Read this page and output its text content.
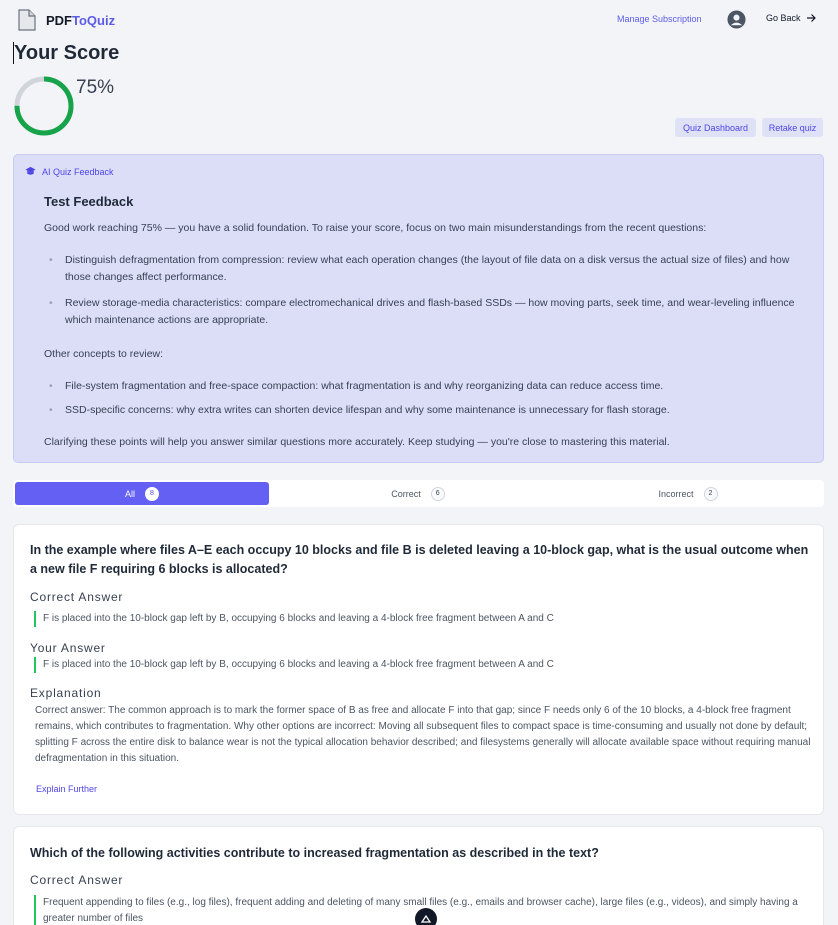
PDFToQuiz	Manage Subscription	Go Back
Your Score
75%
Quiz Dashboard	Retake quiz
AI Quiz Feedback
Test Feedback
Good work reaching 75% — you have a solid foundation. To raise your score, focus on two main misunderstandings from the recent questions:
•	Distinguish defragmentation from compression: review what each operation changes (the layout of file data on a disk versus the actual size of files) and how those changes affect performance.
•	Review storage-media characteristics: compare electromechanical drives and flash-based SSDs — how moving parts, seek time, and wear-leveling influence which maintenance actions are appropriate.
Other concepts to review:
•	File-system fragmentation and free-space compaction: what fragmentation is and why reorganizing data can reduce access time.
•	SSD-specific concerns: why extra writes can shorten device lifespan and why some maintenance is unnecessary for flash storage.
Clarifying these points will help you answer similar questions more accurately. Keep studying — you're close to mastering this material.
All	8	Correct	6	Incorrect	2
In the example where files A–E each occupy 10 blocks and file B is deleted leaving a 10-block gap, what is the usual outcome when a new file F requiring 6 blocks is allocated?
Correct Answer
F is placed into the 10-block gap left by B, occupying 6 blocks and leaving a 4-block free fragment between A and C
Your Answer
F is placed into the 10-block gap left by B, occupying 6 blocks and leaving a 4-block free fragment between A and C
Explanation
Correct answer: The common approach is to mark the former space of B as free and allocate F into that gap; since F needs only 6 of the 10 blocks, a 4-block free fragment remains, which contributes to fragmentation. Why other options are incorrect: Moving all subsequent files to compact space is time-consuming and usually not done by default; splitting F across the entire disk to balance wear is not the typical allocation behavior described; and filesystems generally will allocate available space without requiring manual defragmentation in this situation.
Explain Further
Which of the following activities contribute to increased fragmentation as described in the text?
Correct Answer
Frequent appending to files (e.g., log files), frequent adding and deleting of many small files (e.g., emails and browser cache), large files (e.g., videos), and simply having a greater number of files
